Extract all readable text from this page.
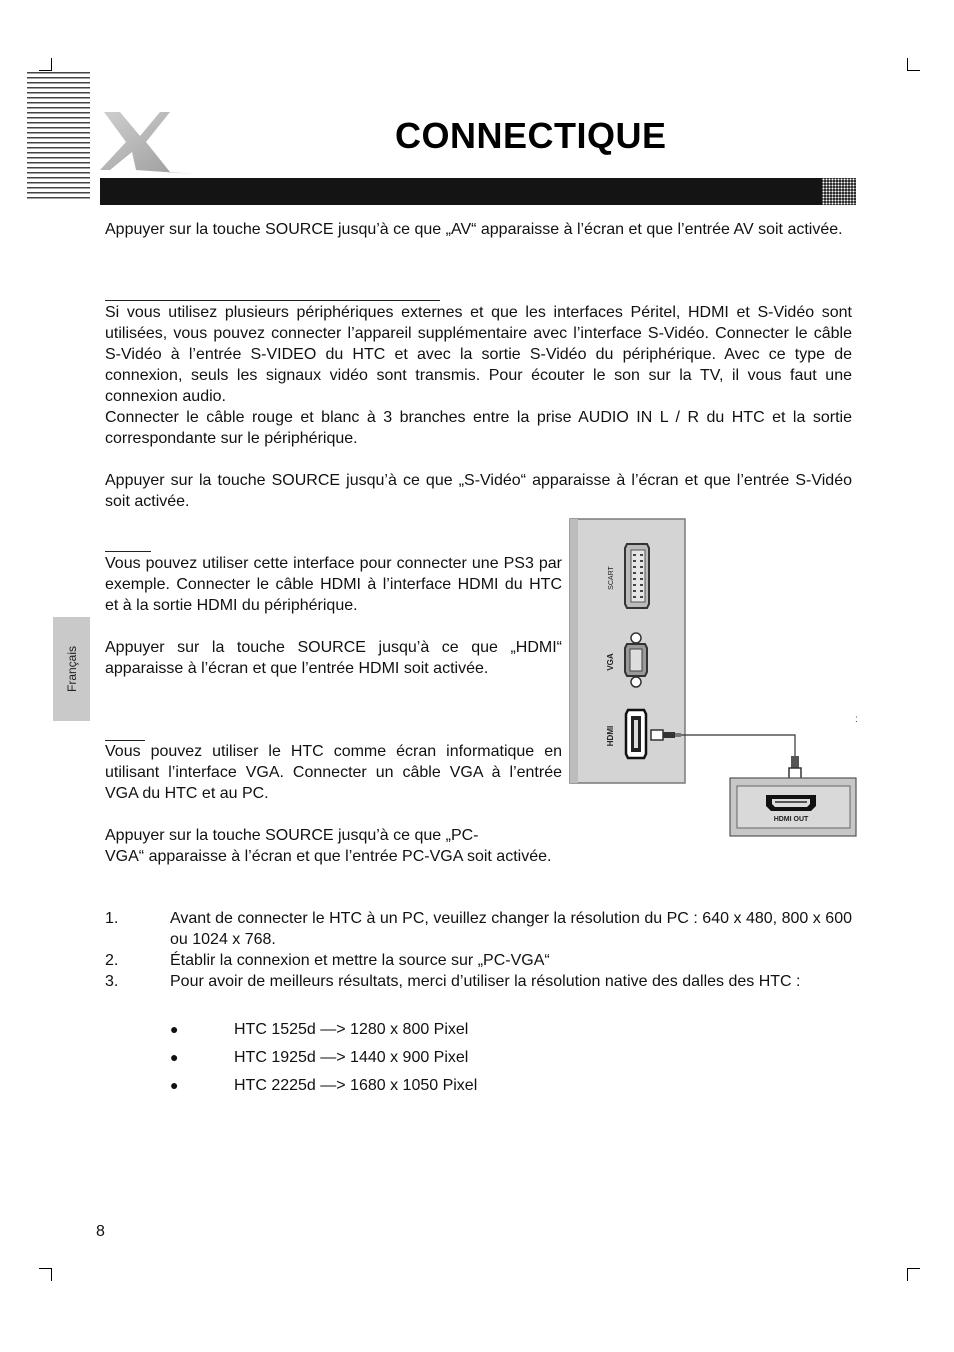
CONNECTIQUE

Appuyer sur la touche SOURCE jusqu’à ce que „AV“ apparaisse à l’écran et que l’entrée AV soit activée.

Si vous utilisez plusieurs périphériques externes et que les interfaces Péritel, HDMI et S-Vidéo sont utilisées, vous pouvez connecter l’appareil supplémentaire avec l’interface S-Vidéo. Connecter le câble S-Vidéo à l’entrée S-VIDEO du HTC et avec la sortie S-Vidéo du périphérique. Avec ce type de connexion, seuls les signaux vidéo sont transmis. Pour écouter le son sur la TV, il vous faut une connexion audio.

Connecter le câble rouge et blanc à 3 branches entre la prise AUDIO IN L / R du HTC et la sortie correspondante sur le périphérique.

Appuyer sur la touche SOURCE jusqu’à ce que „S-Vidéo“ apparaisse à l’écran et que l’entrée S-Vidéo soit activée.

Vous pouvez utiliser cette interface pour connecter une PS3 par exemple. Connecter le câble HDMI à l’interface HDMI du HTC et à la sortie HDMI du périphérique.

Appuyer sur la touche SOURCE jusqu’à ce que „HDMI“ apparaisse à l’écran et que l’entrée HDMI soit activée.

Vous pouvez utiliser le HTC comme écran informatique en utilisant l’interface VGA. Connecter un câble VGA à l’entrée VGA du HTC et au PC.

Appuyer sur la touche SOURCE jusqu’à ce que „PC-

VGA“ apparaisse à l’écran et que l’entrée PC-VGA soit activée.

Français
SCART
VGA
HDMI
:
HDMI OUT
1.	Avant de connecter le HTC à un PC, veuillez changer la résolution du PC : 640 x 480, 800 x 600 ou 1024 x 768.
2.	Établir la connexion et mettre la source sur „PC-VGA“
3.	Pour avoir de meilleurs résultats, merci d’utiliser la résolution native des dalles des HTC :
●	HTC 1525d —> 1280 x 800 Pixel
●	HTC 1925d —> 1440 x 900 Pixel
●	HTC 2225d —> 1680 x 1050 Pixel
8
